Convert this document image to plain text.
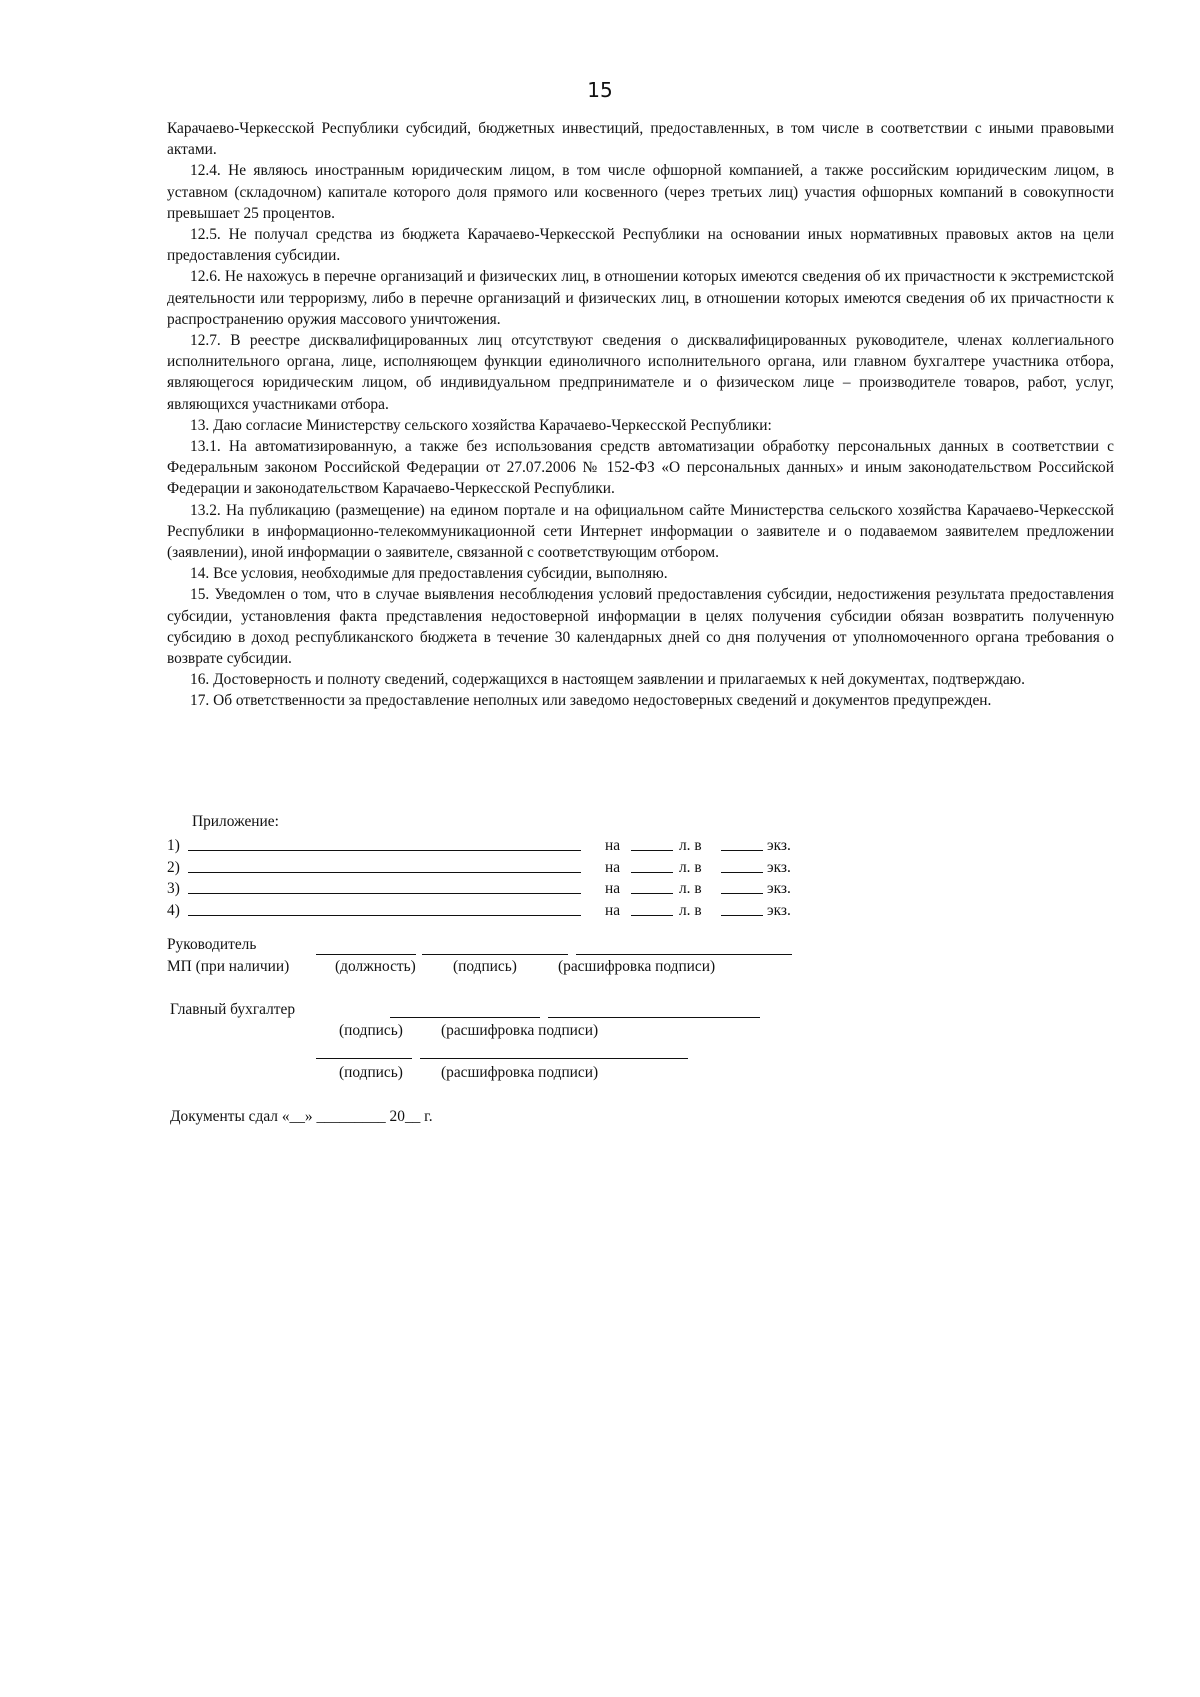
15

Карачаево-Черкесской Республики субсидий, бюджетных инвестиций, предоставленных, в том числе в соответствии с иными правовыми актами.

12.4. Не являюсь иностранным юридическим лицом, в том числе офшорной компанией, а также российским юридическим лицом, в уставном (складочном) капитале которого доля прямого или косвенного (через третьих лиц) участия офшорных компаний в совокупности превышает 25 процентов.

12.5. Не получал средства из бюджета Карачаево-Черкесской Республики на основании иных нормативных правовых актов на цели предоставления субсидии.

12.6. Не нахожусь в перечне организаций и физических лиц, в отношении которых имеются сведения об их причастности к экстремистской деятельности или терроризму, либо в перечне организаций и физических лиц, в отношении которых имеются сведения об их причастности к распространению оружия массового уничтожения.

12.7. В реестре дисквалифицированных лиц отсутствуют сведения о дисквалифицированных руководителе, членах коллегиального исполнительного органа, лице, исполняющем функции единоличного исполнительного органа, или главном бухгалтере участника отбора, являющегося юридическим лицом, об индивидуальном предпринимателе и о физическом лице – производителе товаров, работ, услуг, являющихся участниками отбора.

13. Даю согласие Министерству сельского хозяйства Карачаево-Черкесской Республики:

13.1. На автоматизированную, а также без использования средств автоматизации обработку персональных данных в соответствии с Федеральным законом Российской Федерации от 27.07.2006 № 152-ФЗ «О персональных данных» и иным законодательством Российской Федерации и законодательством Карачаево-Черкесской Республики.

13.2. На публикацию (размещение) на едином портале и на официальном сайте Министерства сельского хозяйства Карачаево-Черкесской Республики в информационно-телекоммуникационной сети Интернет информации о заявителе и о подаваемом заявителем предложении (заявлении), иной информации о заявителе, связанной с соответствующим отбором.

14. Все условия, необходимые для предоставления субсидии, выполняю.

15. Уведомлен о том, что в случае выявления несоблюдения условий предоставления субсидии, недостижения результата предоставления субсидии, установления факта представления недостоверной информации в целях получения субсидии обязан возвратить полученную субсидию в доход республиканского бюджета в течение 30 календарных дней со дня получения от уполномоченного органа требования о возврате субсидии.

16. Достоверность и полноту сведений, содержащихся в настоящем заявлении и прилагаемых к ней документах, подтверждаю.

17. Об ответственности за предоставление неполных или заведомо недостоверных сведений и документов предупрежден.

Приложение:
1)	на	л. в	экз.
2)	на	л. в	экз.
3)	на	л. в	экз.
4)	на	л. в	экз.
Руководитель
МП (при наличии)	(должность) (подпись)	(расшифровка подписи)
Главный бухгалтер
(подпись) (расшифровка подписи)
(подпись) (расшифровка подписи)
Документы сдал «__» _________ 20__ г.
